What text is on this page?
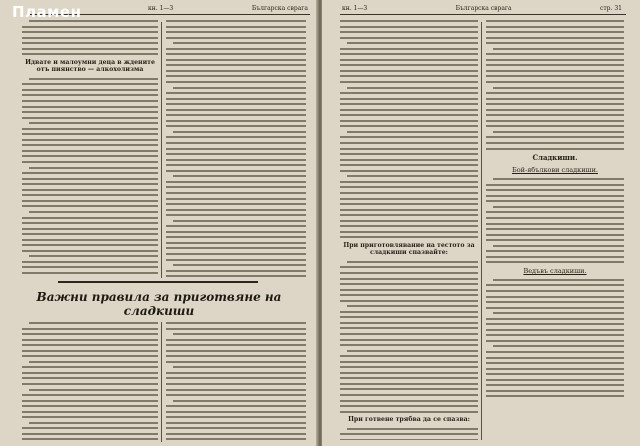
кн. 1—3	Българска сврага
Идвате и малоумни деца в ждените отъ пиянство — алкохолизма
Важни правила за приготвяне на
сладкиши
кн. 1—3	Българска сврага	стр. 31
При приготовлявание на тестото за сладкиши спазвайте:
При готвене трябва да се спазва:
Сладкиши.
Бой-ябълкови сладкиши.
Ведъвъ сладкиши.
Пламен
